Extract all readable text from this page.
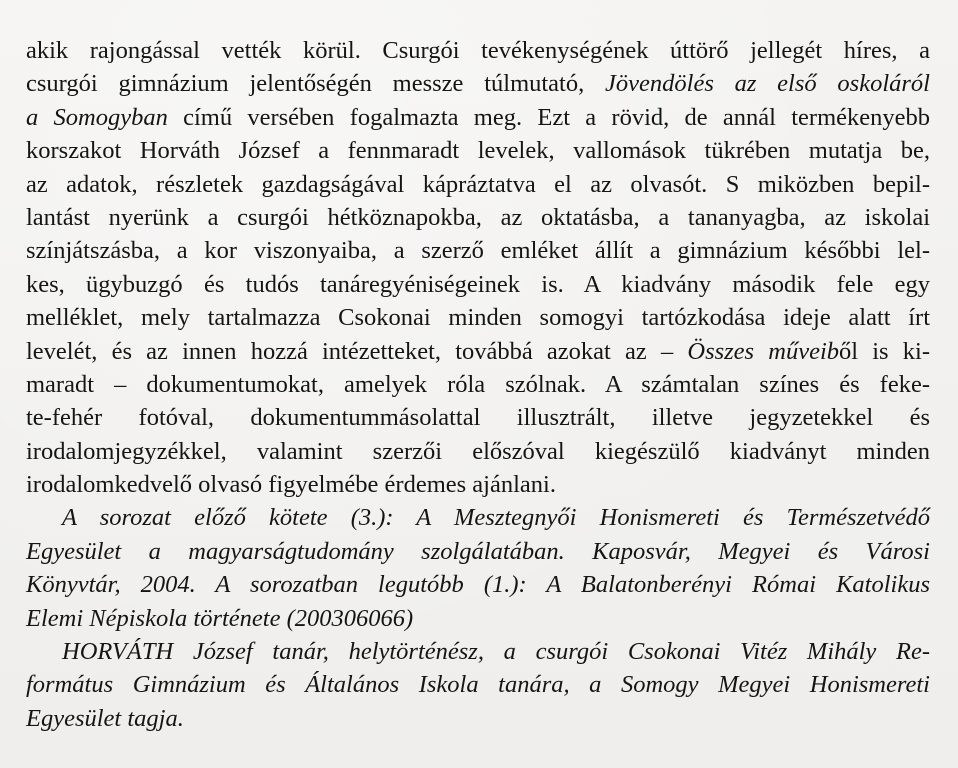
akik rajongással vették körül. Csurgói tevékenységének úttörő jellegét híres, a
csurgói gimnázium jelentőségén messze túlmutató, Jövendölés az első oskoláról
a Somogyban című versében fogalmazta meg. Ezt a rövid, de annál termékenyebb
korszakot Horváth József a fennmaradt levelek, vallomások tükrében mutatja be,
az adatok, részletek gazdagságával kápráztatva el az olvasót. S miközben bepil-
lantást nyerünk a csurgói hétköznapokba, az oktatásba, a tananyagba, az iskolai
színjátszásba, a kor viszonyaiba, a szerző emléket állít a gimnázium későbbi lel-
kes, ügybuzgó és tudós tanáregyéniségeinek is. A kiadvány második fele egy
melléklet, mely tartalmazza Csokonai minden somogyi tartózkodása ideje alatt írt
levelét, és az innen hozzá intézetteket, továbbá azokat az – Összes műveiből is ki-
maradt – dokumentumokat, amelyek róla szólnak. A számtalan színes és feke-
te-fehér fotóval, dokumentummásolattal illusztrált, illetve jegyzetekkel és
irodalomjegyzékkel, valamint szerzői előszóval kiegészülő kiadványt minden
irodalomkedvelő olvasó figyelmébe érdemes ajánlani.
A sorozat előző kötete (3.): A Mesztegnyői Honismereti és Természetvédő
Egyesület a magyarságtudomány szolgálatában. Kaposvár, Megyei és Városi
Könyvtár, 2004. A sorozatban legutóbb (1.): A Balatonberényi Római Katolikus
Elemi Népiskola története (200306066)
HORVÁTH József tanár, helytörténész, a csurgói Csokonai Vitéz Mihály Re-
formátus Gimnázium és Általános Iskola tanára, a Somogy Megyei Honismereti
Egyesület tagja.
